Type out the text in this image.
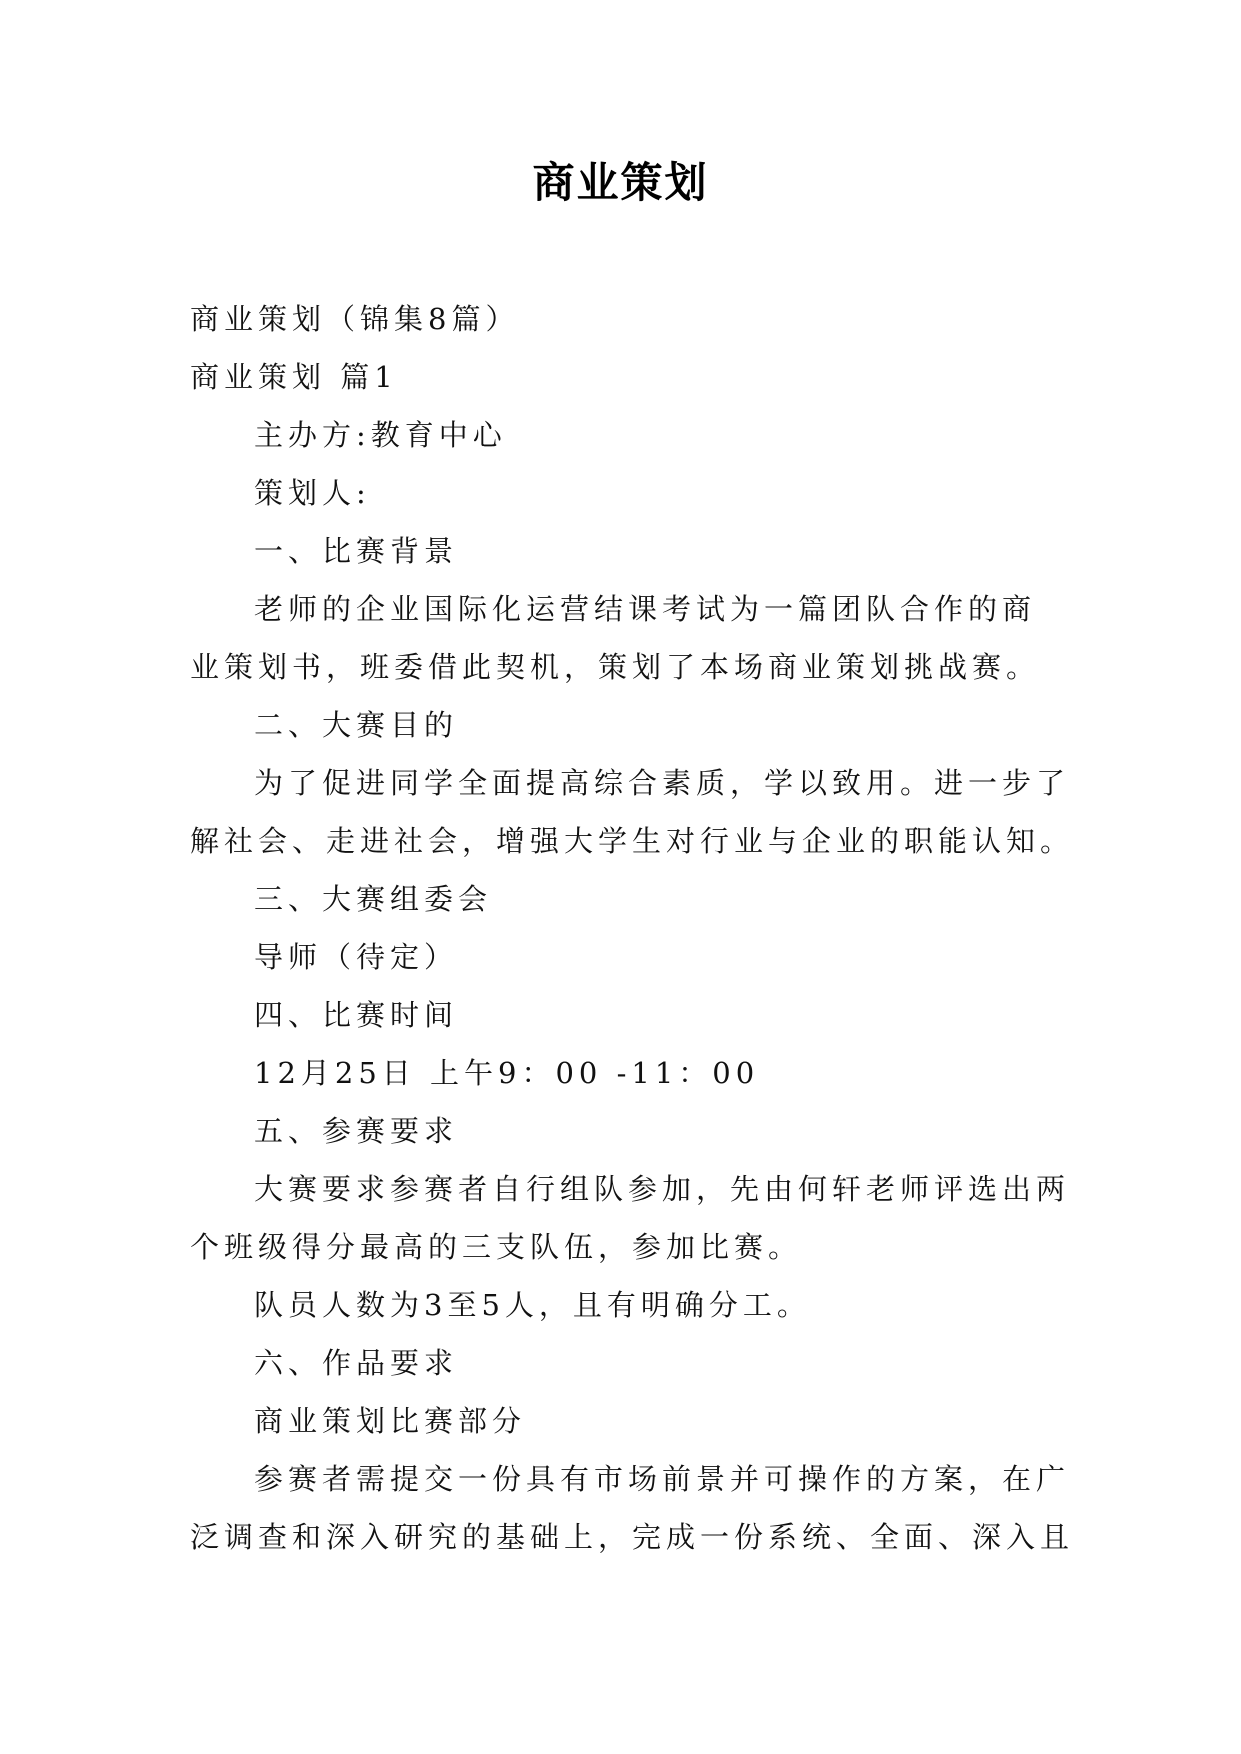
商业策划
商业策划（锦集8篇）
商业策划 篇1
主办方:教育中心
策划人:
一、比赛背景
老师的企业国际化运营结课考试为一篇团队合作的商
业策划书，班委借此契机，策划了本场商业策划挑战赛。
二、大赛目的
为了促进同学全面提高综合素质，学以致用。进一步了
解社会、走进社会，增强大学生对行业与企业的职能认知。
三、大赛组委会
导师（待定）
四、比赛时间
12月25日 上午9：00 -11：00
五、参赛要求
大赛要求参赛者自行组队参加，先由何轩老师评选出两
个班级得分最高的三支队伍，参加比赛。
队员人数为3至5人，且有明确分工。
六、作品要求
商业策划比赛部分
参赛者需提交一份具有市场前景并可操作的方案，在广
泛调查和深入研究的基础上，完成一份系统、全面、深入且
